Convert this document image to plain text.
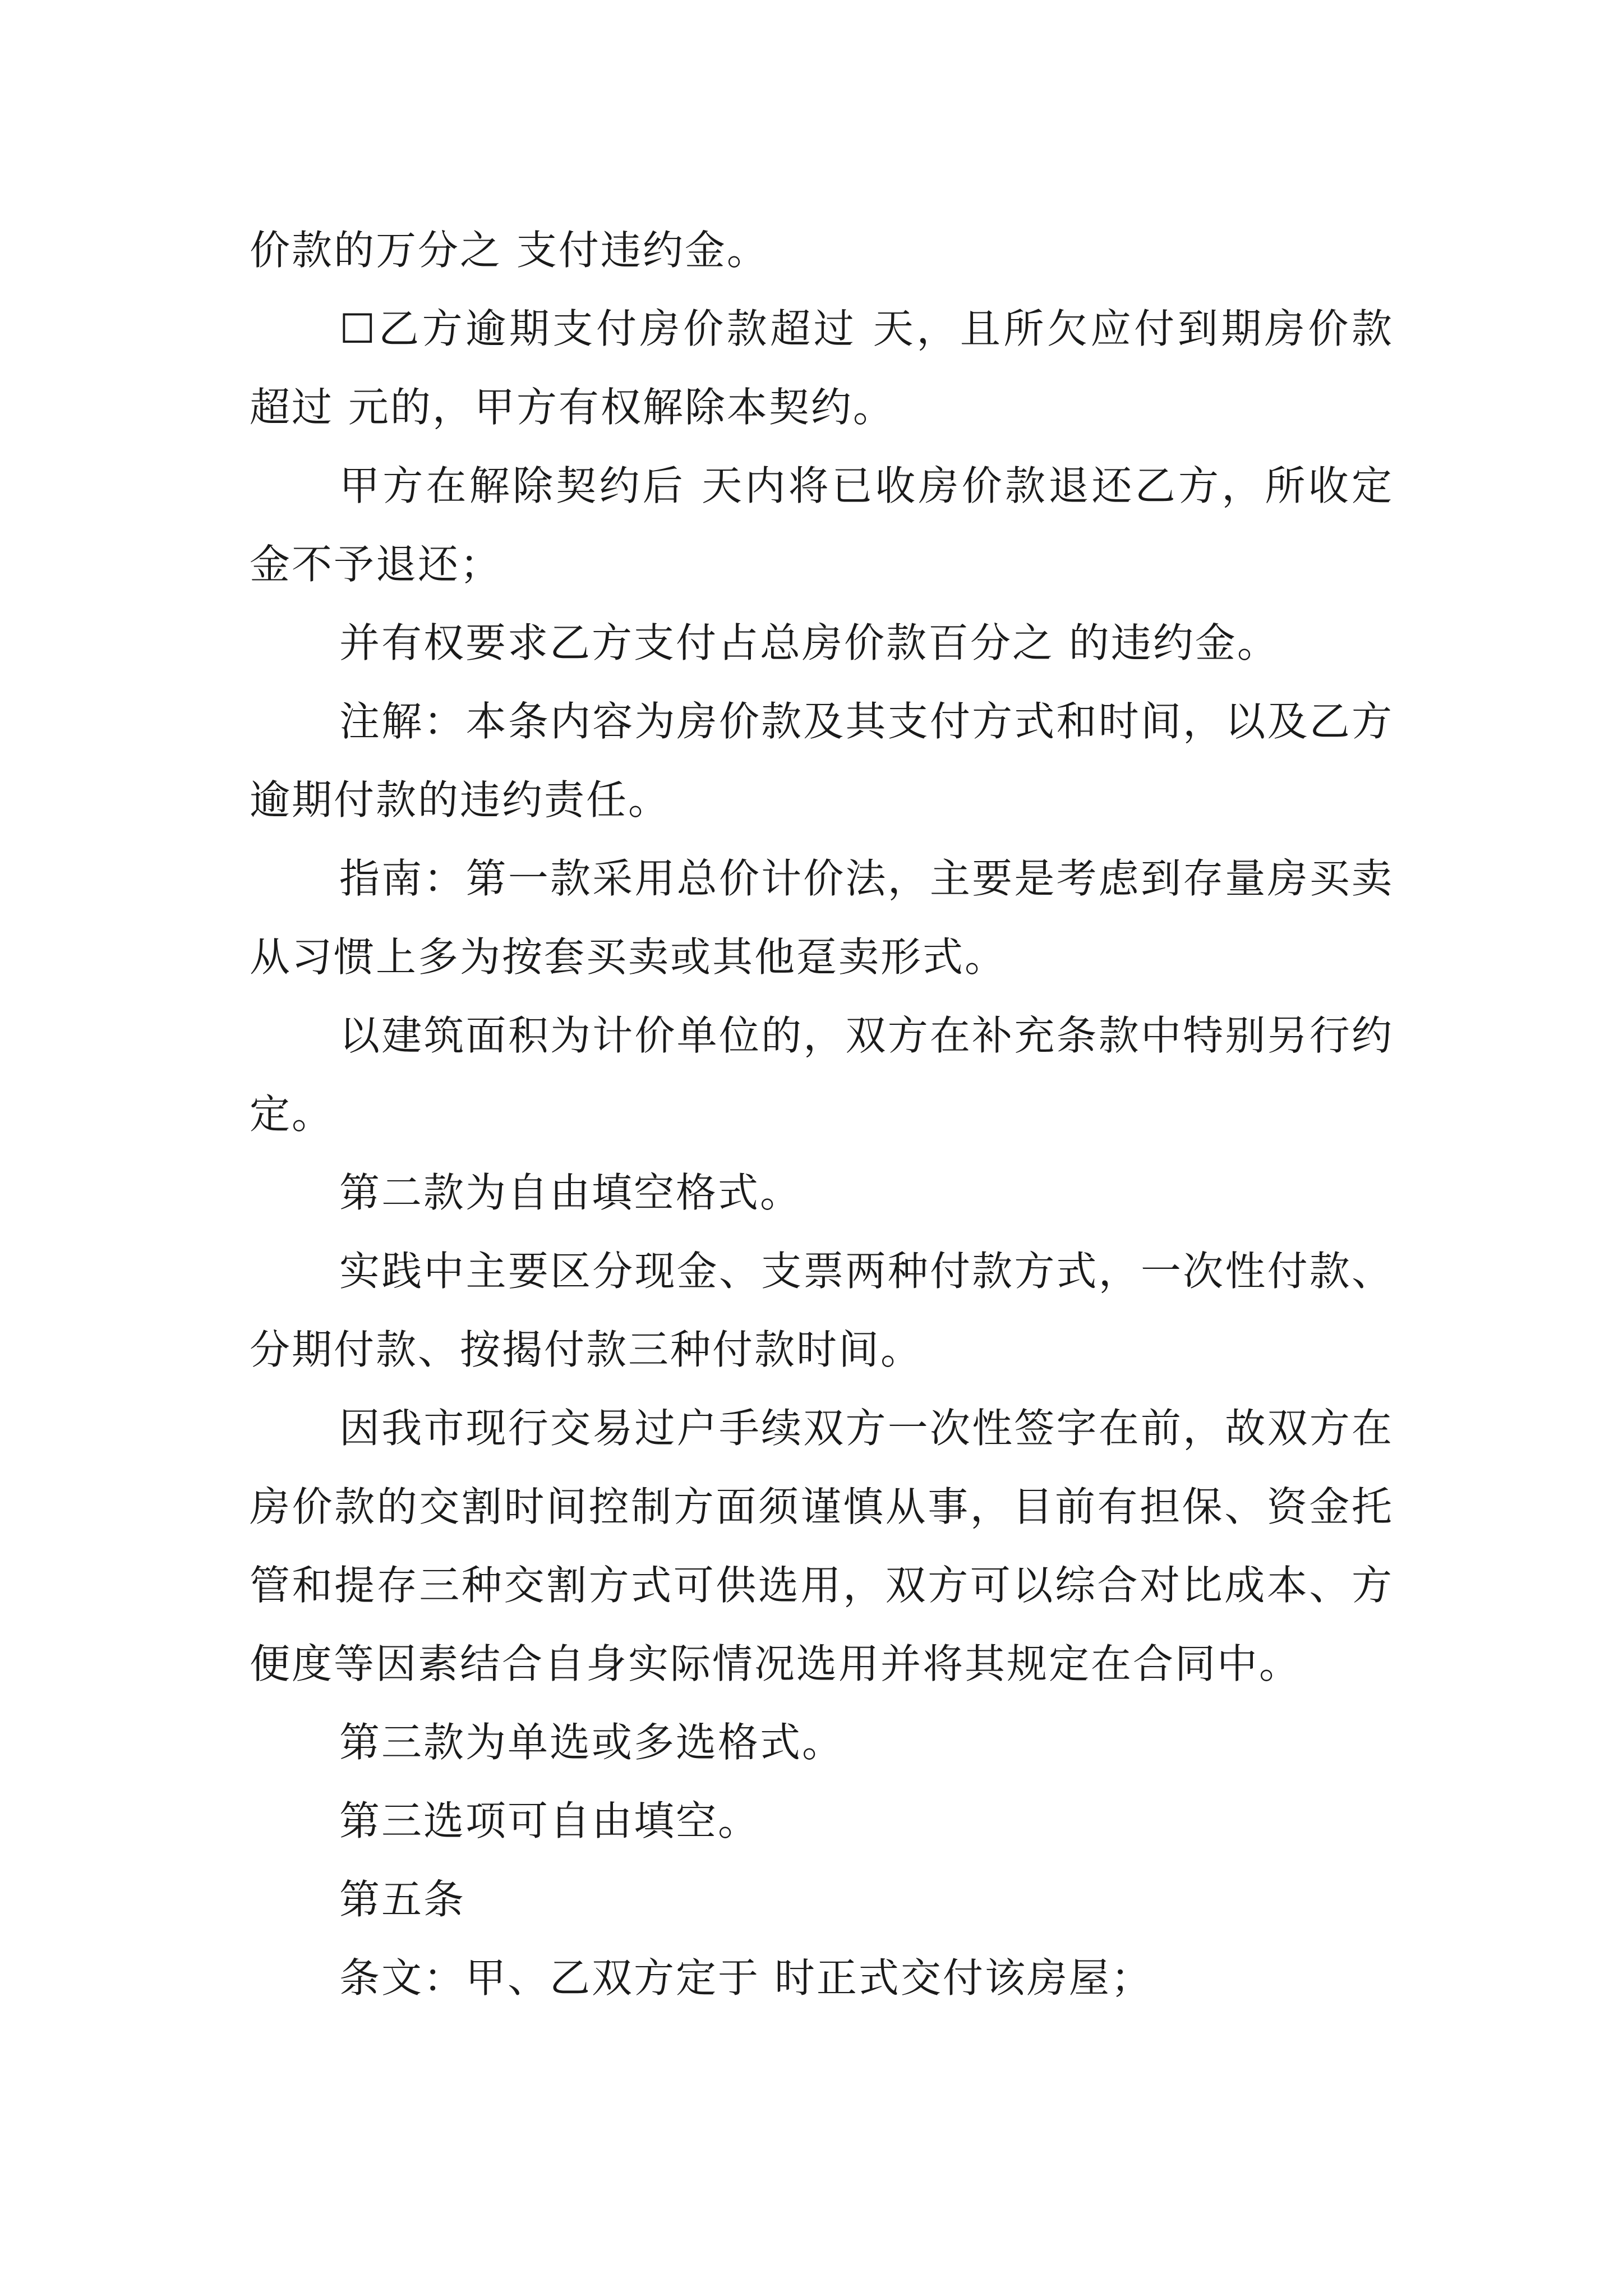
价款的万分之 支付违约金。

☐乙方逾期支付房价款超过 天，且所欠应付到期房价款超过 元的，甲方有权解除本契约。

甲方在解除契约后 天内将已收房价款退还乙方，所收定金不予退还；

并有权要求乙方支付占总房价款百分之 的违约金。

注解：本条内容为房价款及其支付方式和时间，以及乙方逾期付款的违约责任。

指南：第一款采用总价计价法，主要是考虑到存量房买卖从习惯上多为按套买卖或其他趸卖形式。

以建筑面积为计价单位的，双方在补充条款中特别另行约定。

第二款为自由填空格式。

实践中主要区分现金、支票两种付款方式，一次性付款、分期付款、按揭付款三种付款时间。

因我市现行交易过户手续双方一次性签字在前，故双方在房价款的交割时间控制方面须谨慎从事，目前有担保、资金托管和提存三种交割方式可供选用，双方可以综合对比成本、方便度等因素结合自身实际情况选用并将其规定在合同中。

第三款为单选或多选格式。

第三选项可自由填空。

第五条

条文：甲、乙双方定于 时正式交付该房屋；
